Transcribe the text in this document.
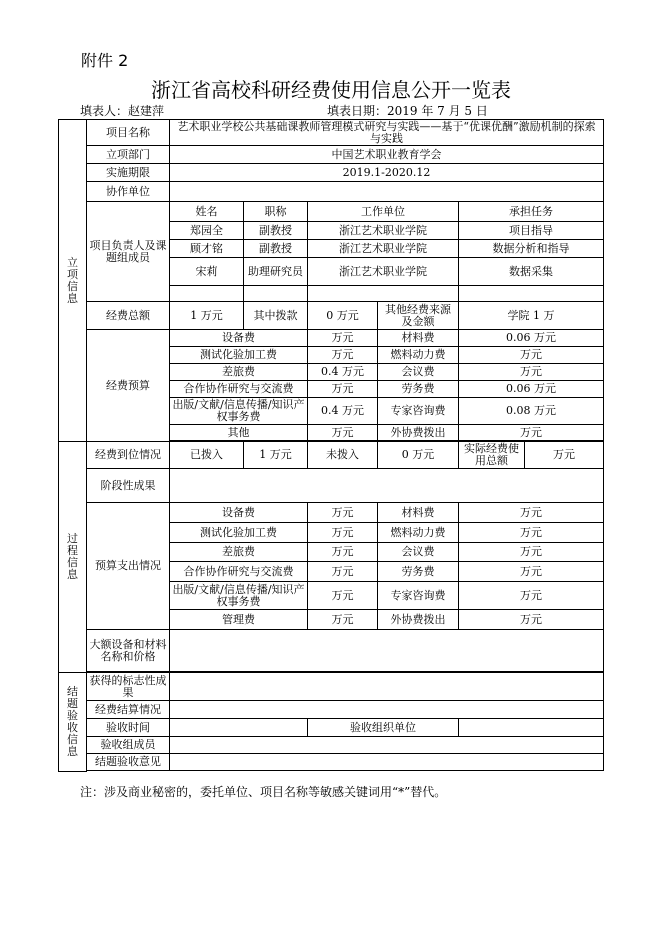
附件 2
浙江省高校科研经费使用信息公开一览表
填表人：赵建萍	填表日期：2019 年 7 月 5 日
立项信息	项目名称	艺术职业学校公共基础课教师管理模式研究与实践——基于“优课优酬”激励机制的探索与实践					
	立项部门	中国艺术职业教育学会					
	实施期限	2019.1-2020.12					
	协作单位						
	项目负责人及课题组成员	姓名	职称	工作单位		承担任务	
		郑园全	副教授	浙江艺术职业学院		项目指导	
		顾才铭	副教授	浙江艺术职业学院		数据分析和指导	
		宋莉	助理研究员	浙江艺术职业学院		数据采集	

	经费总额	1 万元	其中拨款	0 万元	其他经费来源及金额	学院 1 万	
	经费预算	设备费		万元	材料费	0.06 万元	
		测试化验加工费		万元	燃料动力费	万元	
		差旅费		0.4 万元	会议费	万元	
		合作协作研究与交流费		万元	劳务费	0.06 万元	
		出版/文献/信息传播/知识产权事务费		0.4 万元	专家咨询费	0.08 万元	
		其他		万元	外协费拨出	万元	

过程信息	经费到位情况	已拨入	1 万元	未拨入	0 万元	实际经费使用总额	万元
	阶段性成果						
	预算支出情况	设备费		万元	材料费	万元	
		测试化验加工费		万元	燃料动力费	万元	
		差旅费		万元	会议费	万元	
		合作协作研究与交流费		万元	劳务费	万元	
		出版/文献/信息传播/知识产权事务费		万元	专家咨询费	万元	
		管理费		万元	外协费拨出	万元	
	大额设备和材料名称和价格						

结题验收信息	获得的标志性成果						
	经费结算情况						
	验收时间			验收组织单位			
	验收组成员						
	结题验收意见						

注：涉及商业秘密的，委托单位、项目名称等敏感关键词用“*”替代。
